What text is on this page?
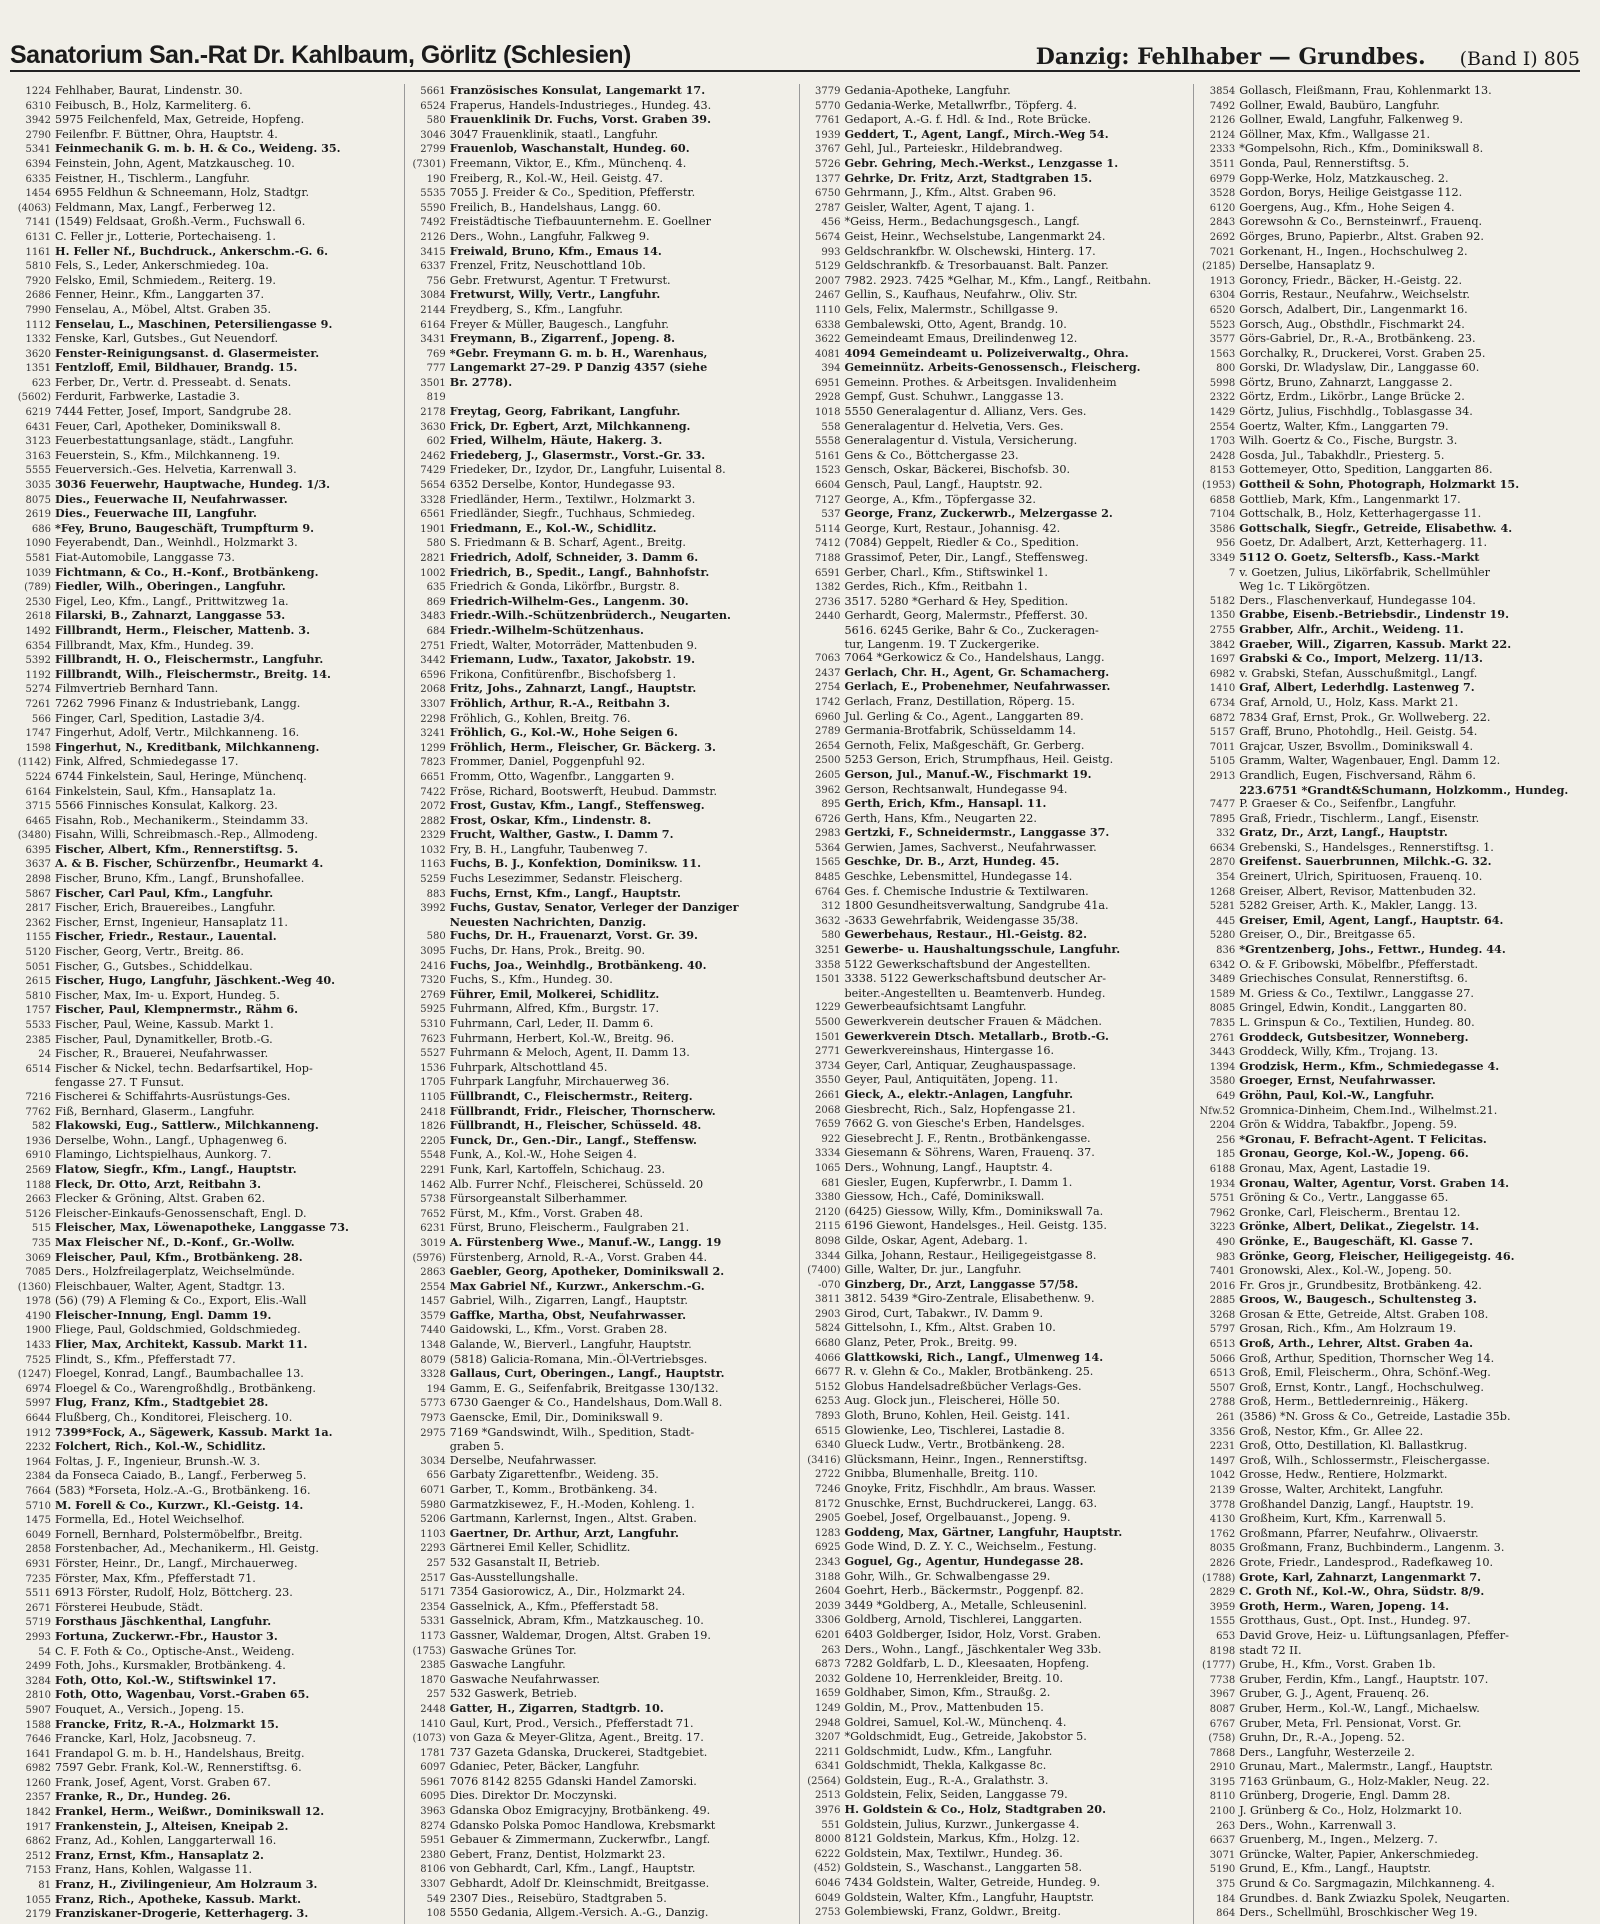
Sanatorium San.-Rat Dr. Kahlbaum, Görlitz (Schlesien)	Danzig: Fehlhaber — Grundbes. (Band I) 805
1224 Fehlhaber, Baurat, Lindenstr. 30.
6310 Feibusch, B., Holz, Karmeliterg. 6.
3942 5975 Feilchenfeld, Max, Getreide, Hopfeng.
2790 Feilenfbr. F. Büttner, Ohra, Hauptstr. 4.
5341 Feinmechanik G. m. b. H. & Co., Weideng. 35.
6394 Feinstein, John, Agent, Matzkauscheg. 10.
6335 Feistner, H., Tischlerm., Langfuhr.
1454 6955 Feldhun & Schneemann, Holz, Stadtgr.
(4063) Feldmann, Max, Langf., Ferberweg 12.
7141 (1549) Feldsaat, Großh.-Verm., Fuchswall 6.
6131 C. Feller jr., Lotterie, Portechaiseng. 1.
1161 H. Feller Nf., Buchdruck., Ankerschm.-G. 6.
5810 Fels, S., Leder, Ankerschmiedeg. 10a.
7920 Felsko, Emil, Schmiedem., Reiterg. 19.
2686 Fenner, Heinr., Kfm., Langgarten 37.
7990 Fenselau, A., Möbel, Altst. Graben 35.
1112 Fenselau, L., Maschinen, Petersiliengasse 9.
1332 Fenske, Karl, Gutsbes., Gut Neuendorf.
3620 Fenster-Reinigungsanst. d. Glasermeister.
1351 Fentzloff, Emil, Bildhauer, Brandg. 15.
623 Ferber, Dr., Vertr. d. Presseabt. d. Senats.
(5602) Ferdurit, Farbwerke, Lastadie 3.
6219 7444 Fetter, Josef, Import, Sandgrube 28.
6431 Feuer, Carl, Apotheker, Dominikswall 8.
3123 Feuerbestattungsanlage, städt., Langfuhr.
3163 Feuerstein, S., Kfm., Milchkanneng. 19.
5555 Feuerversich.-Ges. Helvetia, Karrenwall 3.
3035 3036 Feuerwehr, Hauptwache, Hundeg. 1/3.
8075 Dies., Feuerwache II, Neufahrwasser.
2619 Dies., Feuerwache III, Langfuhr.
686 *Fey, Bruno, Baugeschäft, Trumpfturm 9.
1090 Feyerabendt, Dan., Weinhdl., Holzmarkt 3.
5581 Fiat-Automobile, Langgasse 73.
1039 Fichtmann, & Co., H.-Konf., Brotbänkeng.
(789) Fiedler, Wilh., Oberingen., Langfuhr.
2530 Figel, Leo, Kfm., Langf., Prittwitzweg 1a.
2618 Filarski, B., Zahnarzt, Langgasse 53.
1492 Fillbrandt, Herm., Fleischer, Mattenb. 3.
6354 Fillbrandt, Max, Kfm., Hundeg. 39.
5392 Fillbrandt, H. O., Fleischermstr., Langfuhr.
1192 Fillbrandt, Wilh., Fleischermstr., Breitg. 14.
5274 Filmvertrieb Bernhard Tann.
7261 7262 7996 Finanz & Industriebank, Langg.
566 Finger, Carl, Spedition, Lastadie 3/4.
1747 Fingerhut, Adolf, Vertr., Milchkanneng. 16.
1598 Fingerhut, N., Kreditbank, Milchkanneng.
(1142) Fink, Alfred, Schmiedegasse 17.
5224 6744 Finkelstein, Saul, Heringe, Münchenq.
6164 Finkelstein, Saul, Kfm., Hansaplatz 1a.
3715 5566 Finnisches Konsulat, Kalkorg. 23.
6465 Fisahn, Rob., Mechanikerm., Steindamm 33.
(3480) Fisahn, Willi, Schreibmasch.-Rep., Allmodeng.
6395 Fischer, Albert, Kfm., Rennerstiftsg. 5.
3637 A. & B. Fischer, Schürzenfbr., Heumarkt 4.
2898 Fischer, Bruno, Kfm., Langf., Brunshofallee.
5867 Fischer, Carl Paul, Kfm., Langfuhr.
2817 Fischer, Erich, Brauereibes., Langfuhr.
2362 Fischer, Ernst, Ingenieur, Hansaplatz 11.
1155 Fischer, Friedr., Restaur., Lauental.
5120 Fischer, Georg, Vertr., Breitg. 86.
5051 Fischer, G., Gutsbes., Schiddelkau.
2615 Fischer, Hugo, Langfuhr, Jäschkent.-Weg 40.
5810 Fischer, Max, Im- u. Export, Hundeg. 5.
1757 Fischer, Paul, Klempnermstr., Rähm 6.
5533 Fischer, Paul, Weine, Kassub. Markt 1.
2385 Fischer, Paul, Dynamitkeller, Brotb.-G.
24 Fischer, R., Brauerei, Neufahrwasser.
6514 Fischer & Nickel, techn. Bedarfsartikel, Hop-
fengasse 27. T Funsut.
7216 Fischerei & Schiffahrts-Ausrüstungs-Ges.
7762 Fiß, Bernhard, Glaserm., Langfuhr.
582 Flakowski, Eug., Sattlerw., Milchkanneng.
1936 Derselbe, Wohn., Langf., Uphagenweg 6.
6910 Flamingo, Lichtspielhaus, Aunkorg. 7.
2569 Flatow, Siegfr., Kfm., Langf., Hauptstr.
1188 Fleck, Dr. Otto, Arzt, Reitbahn 3.
2663 Flecker & Gröning, Altst. Graben 62.
5126 Fleischer-Einkaufs-Genossenschaft, Engl. D.
515 Fleischer, Max, Löwenapotheke, Langgasse 73.
735 Max Fleischer Nf., D.-Konf., Gr.-Wollw.
3069 Fleischer, Paul, Kfm., Brotbänkeng. 28.
7085 Ders., Holzfreilagerplatz, Weichselmünde.
(1360) Fleischbauer, Walter, Agent, Stadtgr. 13.
1978 (56) (79) A Fleming & Co., Export, Elis.-Wall
4190 Fleischer-Innung, Engl. Damm 19.
1900 Fliege, Paul, Goldschmied, Goldschmiedeg.
1433 Flier, Max, Architekt, Kassub. Markt 11.
7525 Flindt, S., Kfm., Pfefferstadt 77.
(1247) Floegel, Konrad, Langf., Baumbachallee 13.
6974 Floegel & Co., Warengroßhdlg., Brotbänkeng.
5997 Flug, Franz, Kfm., Stadtgebiet 28.
6644 Flußberg, Ch., Konditorei, Fleischerg. 10.
1912 7399*Fock, A., Sägewerk, Kassub. Markt 1a.
2232 Folchert, Rich., Kol.-W., Schidlitz.
1964 Foltas, J. F., Ingenieur, Brunsh.-W. 3.
2384 da Fonseca Caiado, B., Langf., Ferberweg 5.
7664 (583) *Forseta, Holz.-A.-G., Brotbänkeng. 16.
5710 M. Forell & Co., Kurzwr., Kl.-Geistg. 14.
1475 Formella, Ed., Hotel Weichselhof.
6049 Fornell, Bernhard, Polstermöbelfbr., Breitg.
2858 Forstenbacher, Ad., Mechanikerm., Hl. Geistg.
6931 Förster, Heinr., Dr., Langf., Mirchauerweg.
7235 Förster, Max, Kfm., Pfefferstadt 71.
5511 6913 Förster, Rudolf, Holz, Böttcherg. 23.
2671 Försterei Heubude, Städt.
5719 Forsthaus Jäschkenthal, Langfuhr.
2993 Fortuna, Zuckerwr.-Fbr., Haustor 3.
54 C. F. Foth & Co., Optische-Anst., Weideng.
2499 Foth, Johs., Kursmakler, Brotbänkeng. 4.
3284 Foth, Otto, Kol.-W., Stiftswinkel 17.
2810 Foth, Otto, Wagenbau, Vorst.-Graben 65.
5907 Fouquet, A., Versich., Jopeng. 15.
1588 Francke, Fritz, R.-A., Holzmarkt 15.
7646 Francke, Karl, Holz, Jacobsneug. 7.
1641 Frandapol G. m. b. H., Handelshaus, Breitg.
6982 7597 Gebr. Frank, Kol.-W., Rennerstiftsg. 6.
1260 Frank, Josef, Agent, Vorst. Graben 67.
2357 Franke, R., Dr., Hundeg. 26.
1842 Frankel, Herm., Weißwr., Dominikswall 12.
1917 Frankenstein, J., Alteisen, Kneipab 2.
6862 Franz, Ad., Kohlen, Langgarterwall 16.
2512 Franz, Ernst, Kfm., Hansaplatz 2.
7153 Franz, Hans, Kohlen, Walgasse 11.
81 Franz, H., Zivilingenieur, Am Holzraum 3.
1055 Franz, Rich., Apotheke, Kassub. Markt.
2179 Franziskaner-Drogerie, Ketterhagerg. 3.
5661 Französisches Konsulat, Langemarkt 17.
6524 Fraperus, Handels-Industrieges., Hundeg. 43.
580 Frauenklinik Dr. Fuchs, Vorst. Graben 39.
3046 3047 Frauenklinik, staatl., Langfuhr.
2799 Frauenlob, Waschanstalt, Hundeg. 60.
(7301) Freemann, Viktor, E., Kfm., Münchenq. 4.
190 Freiberg, R., Kol.-W., Heil. Geistg. 47.
5535 7055 J. Freider & Co., Spedition, Pfefferstr.
5590 Freilich, B., Handelshaus, Langg. 60.
7492 Freistädtische Tiefbauunternehm. E. Goellner
2126 Ders., Wohn., Langfuhr, Falkweg 9.
3415 Freiwald, Bruno, Kfm., Emaus 14.
6337 Frenzel, Fritz, Neuschottland 10b.
756 Gebr. Fretwurst, Agentur. T Fretwurst.
3084 Fretwurst, Willy, Vertr., Langfuhr.
2144 Freydberg, S., Kfm., Langfuhr.
6164 Freyer & Müller, Baugesch., Langfuhr.
3431 Freymann, B., Zigarrenf., Jopeng. 8.
769 *Gebr. Freymann G. m. b. H., Warenhaus,
777 Langemarkt 27–29. P Danzig 4357 (siehe
3501 Br. 2778).
819
2178 Freytag, Georg, Fabrikant, Langfuhr.
3630 Frick, Dr. Egbert, Arzt, Milchkanneng.
602 Fried, Wilhelm, Häute, Hakerg. 3.
2462 Friedeberg, J., Glasermstr., Vorst.-Gr. 33.
7429 Friedeker, Dr., Izydor, Dr., Langfuhr, Luisental 8.
5654 6352 Derselbe, Kontor, Hundegasse 93.
3328 Friedländer, Herm., Textilwr., Holzmarkt 3.
6561 Friedländer, Siegfr., Tuchhaus, Schmiedeg.
1901 Friedmann, E., Kol.-W., Schidlitz.
580 S. Friedmann & B. Scharf, Agent., Breitg.
2821 Friedrich, Adolf, Schneider, 3. Damm 6.
1002 Friedrich, B., Spedit., Langf., Bahnhofstr.
635 Friedrich & Gonda, Likörfbr., Burgstr. 8.
869 Friedrich-Wilhelm-Ges., Langenm. 30.
3483 Friedr.-Wilh.-Schützenbrüderch., Neugarten.
684 Friedr.-Wilhelm-Schützenhaus.
2751 Friedt, Walter, Motorräder, Mattenbuden 9.
3442 Friemann, Ludw., Taxator, Jakobstr. 19.
6596 Frikona, Confitürenfbr., Bischofsberg 1.
2068 Fritz, Johs., Zahnarzt, Langf., Hauptstr.
3307 Fröhlich, Arthur, R.-A., Reitbahn 3.
2298 Fröhlich, G., Kohlen, Breitg. 76.
3241 Fröhlich, G., Kol.-W., Hohe Seigen 6.
1299 Fröhlich, Herm., Fleischer, Gr. Bäckerg. 3.
7823 Frommer, Daniel, Poggenpfuhl 92.
6651 Fromm, Otto, Wagenfbr., Langgarten 9.
7422 Fröse, Richard, Bootswerft, Heubud. Dammstr.
2072 Frost, Gustav, Kfm., Langf., Steffensweg.
2882 Frost, Oskar, Kfm., Lindenstr. 8.
2329 Frucht, Walther, Gastw., I. Damm 7.
1032 Fry, B. H., Langfuhr, Taubenweg 7.
1163 Fuchs, B. J., Konfektion, Dominiksw. 11.
5259 Fuchs Lesezimmer, Sedanstr. Fleischerg.
883 Fuchs, Ernst, Kfm., Langf., Hauptstr.
3992 Fuchs, Gustav, Senator, Verleger der Danziger
Neuesten Nachrichten, Danzig.
580 Fuchs, Dr. H., Frauenarzt, Vorst. Gr. 39.
3095 Fuchs, Dr. Hans, Prok., Breitg. 90.
2416 Fuchs, Joa., Weinhdlg., Brotbänkeng. 40.
7320 Fuchs, S., Kfm., Hundeg. 30.
2769 Führer, Emil, Molkerei, Schidlitz.
5925 Fuhrmann, Alfred, Kfm., Burgstr. 17.
5310 Fuhrmann, Carl, Leder, II. Damm 6.
7623 Fuhrmann, Herbert, Kol.-W., Breitg. 96.
5527 Fuhrmann & Meloch, Agent, II. Damm 13.
1536 Fuhrpark, Altschottland 45.
1705 Fuhrpark Langfuhr, Mirchauerweg 36.
1105 Füllbrandt, C., Fleischermstr., Reiterg.
2418 Füllbrandt, Fridr., Fleischer, Thornscherw.
1826 Füllbrandt, H., Fleischer, Schüsseld. 48.
2205 Funck, Dr., Gen.-Dir., Langf., Steffensw.
5548 Funk, A., Kol.-W., Hohe Seigen 4.
2291 Funk, Karl, Kartoffeln, Schichaug. 23.
1462 Alb. Furrer Nchf., Fleischerei, Schüsseld. 20
5738 Fürsorgeanstalt Silberhammer.
7652 Fürst, M., Kfm., Vorst. Graben 48.
6231 Fürst, Bruno, Fleischerm., Faulgraben 21.
3019 A. Fürstenberg Wwe., Manuf.-W., Langg. 19
(5976) Fürstenberg, Arnold, R.-A., Vorst. Graben 44.
2863 Gaebler, Georg, Apotheker, Dominikswall 2.
2554 Max Gabriel Nf., Kurzwr., Ankerschm.-G.
1457 Gabriel, Wilh., Zigarren, Langf., Hauptstr.
3579 Gaffke, Martha, Obst, Neufahrwasser.
7440 Gaidowski, L., Kfm., Vorst. Graben 28.
1348 Galande, W., Bierverl., Langfuhr, Hauptstr.
8079 (5818) Galicia-Romana, Min.-Öl-Vertriebsges.
3328 Gallaus, Curt, Oberingen., Langf., Hauptstr.
194 Gamm, E. G., Seifenfabrik, Breitgasse 130/132.
5773 6730 Gaenger & Co., Handelshaus, Dom.Wall 8.
7973 Gaenscke, Emil, Dir., Dominikswall 9.
2975 7169 *Gandswindt, Wilh., Spedition, Stadt-
graben 5.
3034 Derselbe, Neufahrwasser.
656 Garbaty Zigarettenfbr., Weideng. 35.
6071 Garber, T., Komm., Brotbänkeng. 34.
5980 Garmatzkisewez, F., H.-Moden, Kohleng. 1.
5206 Gartmann, Karlernst, Ingen., Altst. Graben.
1103 Gaertner, Dr. Arthur, Arzt, Langfuhr.
2293 Gärtnerei Emil Keller, Schidlitz.
257 532 Gasanstalt II, Betrieb.
2517 Gas-Ausstellungshalle.
5171 7354 Gasiorowicz, A., Dir., Holzmarkt 24.
2354 Gasselnick, A., Kfm., Pfefferstadt 58.
5331 Gasselnick, Abram, Kfm., Matzkauscheg. 10.
1173 Gassner, Waldemar, Drogen, Altst. Graben 19.
(1753) Gaswache Grünes Tor.
2385 Gaswache Langfuhr.
1870 Gaswache Neufahrwasser.
257 532 Gaswerk, Betrieb.
2448 Gatter, H., Zigarren, Stadtgrb. 10.
1410 Gaul, Kurt, Prod., Versich., Pfefferstadt 71.
(1073) von Gaza & Meyer-Glitza, Agent., Breitg. 17.
1781 737 Gazeta Gdanska, Druckerei, Stadtgebiet.
6097 Gdaniec, Peter, Bäcker, Langfuhr.
5961 7076 8142 8255 Gdanski Handel Zamorski.
6095 Dies. Direktor Dr. Moczynski.
3963 Gdanska Oboz Emigracyjny, Brotbänkeng. 49.
8274 Gdansko Polska Pomoc Handlowa, Krebsmarkt
5951 Gebauer & Zimmermann, Zuckerwfbr., Langf.
2380 Gebert, Franz, Dentist, Holzmarkt 23.
8106 von Gebhardt, Carl, Kfm., Langf., Hauptstr.
3307 Gebhardt, Adolf Dr. Kleinschmidt, Breitgasse.
549 2307 Dies., Reisebüro, Stadtgraben 5.
108 5550 Gedania, Allgem.-Versich. A.-G., Danzig.
3779 Gedania-Apotheke, Langfuhr.
5770 Gedania-Werke, Metallwrfbr., Töpferg. 4.
7761 Gedaport, A.-G. f. Hdl. & Ind., Rote Brücke.
1939 Geddert, T., Agent, Langf., Mirch.-Weg 54.
3767 Gehl, Jul., Parteieskr., Hildebrandweg.
5726 Gebr. Gehring, Mech.-Werkst., Lenzgasse 1.
1377 Gehrke, Dr. Fritz, Arzt, Stadtgraben 15.
6750 Gehrmann, J., Kfm., Altst. Graben 96.
2787 Geisler, Walter, Agent, T ajang. 1.
456 *Geiss, Herm., Bedachungsgesch., Langf.
5674 Geist, Heinr., Wechselstube, Langenmarkt 24.
993 Geldschrankfbr. W. Olschewski, Hinterg. 17.
5129 Geldschrankfb. & Tresorbauanst. Balt. Panzer.
2007 7982. 2923. 7425 *Gelhar, M., Kfm., Langf., Reitbahn.
2467 Gellin, S., Kaufhaus, Neufahrw., Oliv. Str.
1110 Gels, Felix, Malermstr., Schillgasse 9.
6338 Gembalewski, Otto, Agent, Brandg. 10.
3622 Gemeindeamt Emaus, Dreilindenweg 12.
4081 4094 Gemeindeamt u. Polizeiverwaltg., Ohra.
394 Gemeinnütz. Arbeits-Genossensch., Fleischerg.
6951 Gemeinn. Prothes. & Arbeitsgen. Invalidenheim
2928 Gempf, Gust. Schuhwr., Langgasse 13.
1018 5550 Generalagentur d. Allianz, Vers. Ges.
558 Generalagentur d. Helvetia, Vers. Ges.
5558 Generalagentur d. Vistula, Versicherung.
5161 Gens & Co., Böttchergasse 23.
1523 Gensch, Oskar, Bäckerei, Bischofsb. 30.
6604 Gensch, Paul, Langf., Hauptstr. 92.
7127 George, A., Kfm., Töpfergasse 32.
537 George, Franz, Zuckerwrb., Melzergasse 2.
5114 George, Kurt, Restaur., Johannisg. 42.
7412 (7084) Geppelt, Riedler & Co., Spedition.
7188 Grassimof, Peter, Dir., Langf., Steffensweg.
6591 Gerber, Charl., Kfm., Stiftswinkel 1.
1382 Gerdes, Rich., Kfm., Reitbahn 1.
2736 3517. 5280 *Gerhard & Hey, Spedition.
2440 Gerhardt, Georg, Malermstr., Pfefferst. 30.
5616. 6245 Gerike, Bahr & Co., Zuckeragen-
tur, Langenm. 19. T Zuckergerike.
7063 7064 *Gerkowicz & Co., Handelshaus, Langg.
2437 Gerlach, Chr. H., Agent, Gr. Schamacherg.
2754 Gerlach, E., Probenehmer, Neufahrwasser.
1742 Gerlach, Franz, Destillation, Röperg. 15.
6960 Jul. Gerling & Co., Agent., Langgarten 89.
2789 Germania-Brotfabrik, Schüsseldamm 14.
2654 Gernoth, Felix, Maßgeschäft, Gr. Gerberg.
2500 5253 Gerson, Erich, Strumpfhaus, Heil. Geistg.
2605 Gerson, Jul., Manuf.-W., Fischmarkt 19.
3962 Gerson, Rechtsanwalt, Hundegasse 94.
895 Gerth, Erich, Kfm., Hansapl. 11.
6726 Gerth, Hans, Kfm., Neugarten 22.
2983 Gertzki, F., Schneidermstr., Langgasse 37.
5364 Gerwien, James, Sachverst., Neufahrwasser.
1565 Geschke, Dr. B., Arzt, Hundeg. 45.
8485 Geschke, Lebensmittel, Hundegasse 14.
6764 Ges. f. Chemische Industrie & Textilwaren.
312 1800 Gesundheitsverwaltung, Sandgrube 41a.
3632 -3633 Gewehrfabrik, Weidengasse 35/38.
580 Gewerbehaus, Restaur., Hl.-Geistg. 82.
3251 Gewerbe- u. Haushaltungsschule, Langfuhr.
3358 5122 Gewerkschaftsbund der Angestellten.
1501 3338. 5122 Gewerkschaftsbund deutscher Ar-
beiter.-Angestellten u. Beamtenverb. Hundeg.
1229 Gewerbeaufsichtsamt Langfuhr.
5500 Gewerkverein deutscher Frauen & Mädchen.
1501 Gewerkverein Dtsch. Metallarb., Brotb.-G.
2771 Gewerkvereinshaus, Hintergasse 16.
3734 Geyer, Carl, Antiquar, Zeughauspassage.
3550 Geyer, Paul, Antiquitäten, Jopeng. 11.
2661 Gieck, A., elektr.-Anlagen, Langfuhr.
2068 Giesbrecht, Rich., Salz, Hopfengasse 21.
7659 7662 G. von Giesche's Erben, Handelsges.
922 Giesebrecht J. F., Rentn., Brotbänkengasse.
3334 Giesemann & Söhrens, Waren, Frauenq. 37.
1065 Ders., Wohnung, Langf., Hauptstr. 4.
681 Giesler, Eugen, Kupferwrbr., I. Damm 1.
3380 Giessow, Hch., Café, Dominikswall.
2120 (6425) Giessow, Willy, Kfm., Dominikswall 7a.
2115 6196 Giewont, Handelsges., Heil. Geistg. 135.
8098 Gilde, Oskar, Agent, Adebarg. 1.
3344 Gilka, Johann, Restaur., Heiligegeistgasse 8.
(7400) Gille, Walter, Dr. jur., Langfuhr.
-070 Ginzberg, Dr., Arzt, Langgasse 57/58.
3811 3812. 5439 *Giro-Zentrale, Elisabethenw. 9.
2903 Girod, Curt, Tabakwr., IV. Damm 9.
5824 Gittelsohn, I., Kfm., Altst. Graben 10.
6680 Glanz, Peter, Prok., Breitg. 99.
4066 Glattkowski, Rich., Langf., Ulmenweg 14.
6677 R. v. Glehn & Co., Makler, Brotbänkeng. 25.
5152 Globus Handelsadreßbücher Verlags-Ges.
6253 Aug. Glock jun., Fleischerei, Hölle 50.
7893 Gloth, Bruno, Kohlen, Heil. Geistg. 141.
6515 Glowienke, Leo, Tischlerei, Lastadie 8.
6340 Glueck Ludw., Vertr., Brotbänkeng. 28.
(3416) Glücksmann, Heinr., Ingen., Rennerstiftsg.
2722 Gnibba, Blumenhalle, Breitg. 110.
7246 Gnoyke, Fritz, Fischhdlr., Am braus. Wasser.
8172 Gnuschke, Ernst, Buchdruckerei, Langg. 63.
2905 Goebel, Josef, Orgelbauanst., Jopeng. 9.
1283 Goddeng, Max, Gärtner, Langfuhr, Hauptstr.
6925 Gode Wind, D. Z. Y. C., Weichselm., Festung.
2343 Goguel, Gg., Agentur, Hundegasse 28.
3188 Gohr, Wilh., Gr. Schwalbengasse 29.
2604 Goehrt, Herb., Bäckermstr., Poggenpf. 82.
2039 3449 *Goldberg, A., Metalle, Schleuseninl.
3306 Goldberg, Arnold, Tischlerei, Langgarten.
6201 6403 Goldberger, Isidor, Holz, Vorst. Graben.
263 Ders., Wohn., Langf., Jäschkentaler Weg 33b.
6873 7282 Goldfarb, L. D., Kleesaaten, Hopfeng.
2032 Goldene 10, Herrenkleider, Breitg. 10.
1659 Goldhaber, Simon, Kfm., Straußg. 2.
1249 Goldin, M., Prov., Mattenbuden 15.
2948 Goldrei, Samuel, Kol.-W., Münchenq. 4.
3207 *Goldschmidt, Eug., Getreide, Jakobstor 5.
2211 Goldschmidt, Ludw., Kfm., Langfuhr.
6341 Goldschmidt, Thekla, Kalkgasse 8c.
(2564) Goldstein, Eug., R.-A., Gralathstr. 3.
2513 Goldstein, Felix, Seiden, Langgasse 79.
3976 H. Goldstein & Co., Holz, Stadtgraben 20.
551 Goldstein, Julius, Kurzwr., Junkergasse 4.
8000 8121 Goldstein, Markus, Kfm., Holzg. 12.
6222 Goldstein, Max, Textilwr., Hundeg. 36.
(452) Goldstein, S., Waschanst., Langgarten 58.
6046 7434 Goldstein, Walter, Getreide, Hundeg. 9.
6049 Goldstein, Walter, Kfm., Langfuhr, Hauptstr.
2753 Golembiewski, Franz, Goldwr., Breitg.
3854 Gollasch, Fleißmann, Frau, Kohlenmarkt 13.
7492 Gollner, Ewald, Baubüro, Langfuhr.
2126 Gollner, Ewald, Langfuhr, Falkenweg 9.
2124 Göllner, Max, Kfm., Wallgasse 21.
2333 *Gompelsohn, Rich., Kfm., Dominikswall 8.
3511 Gonda, Paul, Rennerstiftsg. 5.
6979 Gopp-Werke, Holz, Matzkauscheg. 2.
3528 Gordon, Borys, Heilige Geistgasse 112.
6120 Goergens, Aug., Kfm., Hohe Seigen 4.
2843 Gorewsohn & Co., Bernsteinwrf., Frauenq.
2692 Görges, Bruno, Papierbr., Altst. Graben 92.
7021 Gorkenant, H., Ingen., Hochschulweg 2.
(2185) Derselbe, Hansaplatz 9.
1913 Goroncy, Friedr., Bäcker, H.-Geistg. 22.
6304 Gorris, Restaur., Neufahrw., Weichselstr.
6520 Gorsch, Adalbert, Dir., Langenmarkt 16.
5523 Gorsch, Aug., Obsthdlr., Fischmarkt 24.
3577 Görs-Gabriel, Dr., R.-A., Brotbänkeng. 23.
1563 Gorchalky, R., Druckerei, Vorst. Graben 25.
800 Gorski, Dr. Wladyslaw, Dir., Langgasse 60.
5998 Görtz, Bruno, Zahnarzt, Langgasse 2.
2322 Görtz, Erdm., Likörbr., Lange Brücke 2.
1429 Görtz, Julius, Fischhdlg., Toblasgasse 34.
2554 Goertz, Walter, Kfm., Langgarten 79.
1703 Wilh. Goertz & Co., Fische, Burgstr. 3.
2428 Gosda, Jul., Tabakhdlr., Priesterg. 5.
8153 Gottemeyer, Otto, Spedition, Langgarten 86.
(1953) Gottheil & Sohn, Photograph, Holzmarkt 15.
6858 Gottlieb, Mark, Kfm., Langenmarkt 17.
7104 Gottschalk, B., Holz, Ketterhagergasse 11.
3586 Gottschalk, Siegfr., Getreide, Elisabethw. 4.
956 Goetz, Dr. Adalbert, Arzt, Ketterhagerg. 11.
3349 5112 O. Goetz, Seltersfb., Kass.-Markt
7 v. Goetzen, Julius, Likörfabrik, Schellmühler
Weg 1c. T Likörgötzen.
5182 Ders., Flaschenverkauf, Hundegasse 104.
1350 Grabbe, Eisenb.-Betriebsdir., Lindenstr 19.
2755 Grabber, Alfr., Archit., Weideng. 11.
3842 Graeber, Will., Zigarren, Kassub. Markt 22.
1697 Grabski & Co., Import, Melzerg. 11/13.
6982 v. Grabski, Stefan, Ausschußmitgl., Langf.
1410 Graf, Albert, Lederhdlg. Lastenweg 7.
6734 Graf, Arnold, U., Holz, Kass. Markt 21.
6872 7834 Graf, Ernst, Prok., Gr. Wollweberg. 22.
5157 Graff, Bruno, Photohdlg., Heil. Geistg. 54.
7011 Grajcar, Uszer, Bsvollm., Dominikswall 4.
5105 Gramm, Walter, Wagenbauer, Engl. Damm 12.
2913 Grandlich, Eugen, Fischversand, Rähm 6.
223.6751 *Grandt&Schumann, Holzkomm., Hundeg.
7477 P. Graeser & Co., Seifenfbr., Langfuhr.
7895 Graß, Friedr., Tischlerm., Langf., Eisenstr.
332 Gratz, Dr., Arzt, Langf., Hauptstr.
6634 Grebenski, S., Handelsges., Rennerstiftsg. 1.
2870 Greifenst. Sauerbrunnen, Milchk.-G. 32.
354 Greinert, Ulrich, Spirituosen, Frauenq. 10.
1268 Greiser, Albert, Revisor, Mattenbuden 32.
5281 5282 Greiser, Arth. K., Makler, Langg. 13.
445 Greiser, Emil, Agent, Langf., Hauptstr. 64.
5280 Greiser, O., Dir., Breitgasse 65.
836 *Grentzenberg, Johs., Fettwr., Hundeg. 44.
6342 O. & F. Gribowski, Möbelfbr., Pfefferstadt.
3489 Griechisches Consulat, Rennerstiftsg. 6.
1589 M. Griess & Co., Textilwr., Langgasse 27.
8085 Gringel, Edwin, Kondit., Langgarten 80.
7835 L. Grinspun & Co., Textilien, Hundeg. 80.
2761 Groddeck, Gutsbesitzer, Wonneberg.
3443 Groddeck, Willy, Kfm., Trojang. 13.
1394 Grodzisk, Herm., Kfm., Schmiedegasse 4.
3580 Groeger, Ernst, Neufahrwasser.
649 Gröhn, Paul, Kol.-W., Langfuhr.
Nfw.52 Gromnica-Dinheim, Chem.Ind., Wilhelmst.21.
2204 Grön & Widdra, Tabakfbr., Jopeng. 59.
256 *Gronau, F. Befracht-Agent. T Felicitas.
185 Gronau, George, Kol.-W., Jopeng. 66.
6188 Gronau, Max, Agent, Lastadie 19.
1934 Gronau, Walter, Agentur, Vorst. Graben 14.
5751 Gröning & Co., Vertr., Langgasse 65.
7962 Gronke, Carl, Fleischerm., Brentau 12.
3223 Grönke, Albert, Delikat., Ziegelstr. 14.
490 Grönke, E., Baugeschäft, Kl. Gasse 7.
983 Grönke, Georg, Fleischer, Heiligegeistg. 46.
7401 Gronowski, Alex., Kol.-W., Jopeng. 50.
2016 Fr. Gros jr., Grundbesitz, Brotbänkeng. 42.
2885 Groos, W., Baugesch., Schultensteg 3.
3268 Grosan & Ette, Getreide, Altst. Graben 108.
5797 Grosan, Rich., Kfm., Am Holzraum 19.
6513 Groß, Arth., Lehrer, Altst. Graben 4a.
5066 Groß, Arthur, Spedition, Thornscher Weg 14.
6513 Groß, Emil, Fleischerm., Ohra, Schönf.-Weg.
5507 Groß, Ernst, Kontr., Langf., Hochschulweg.
2788 Groß, Herm., Bettledernreinig., Häkerg.
261 (3586) *N. Gross & Co., Getreide, Lastadie 35b.
3356 Groß, Nestor, Kfm., Gr. Allee 22.
2231 Groß, Otto, Destillation, Kl. Ballastkrug.
1497 Groß, Wilh., Schlossermstr., Fleischergasse.
1042 Grosse, Hedw., Rentiere, Holzmarkt.
2139 Grosse, Walter, Architekt, Langfuhr.
3778 Großhandel Danzig, Langf., Hauptstr. 19.
4130 Großheim, Kurt, Kfm., Karrenwall 5.
1762 Großmann, Pfarrer, Neufahrw., Olivaerstr.
8035 Großmann, Franz, Buchbinderm., Langenm. 3.
2826 Grote, Friedr., Landesprod., Radefkaweg 10.
(1788) Grote, Karl, Zahnarzt, Langenmarkt 7.
2829 C. Groth Nf., Kol.-W., Ohra, Südstr. 8/9.
3959 Groth, Herm., Waren, Jopeng. 14.
1555 Grotthaus, Gust., Opt. Inst., Hundeg. 97.
653 David Grove, Heiz- u. Lüftungsanlagen, Pfeffer-
8198 stadt 72 II.
(1777) Grube, H., Kfm., Vorst. Graben 1b.
7738 Gruber, Ferdin, Kfm., Langf., Hauptstr. 107.
3967 Gruber, G. J., Agent, Frauenq. 26.
8087 Gruber, Herm., Kol.-W., Langf., Michaelsw.
6767 Gruber, Meta, Frl. Pensionat, Vorst. Gr.
(758) Gruhn, Dr., R.-A., Jopeng. 52.
7868 Ders., Langfuhr, Westerzeile 2.
2910 Grunau, Mart., Malermstr., Langf., Hauptstr.
3195 7163 Grünbaum, G., Holz-Makler, Neug. 22.
8110 Grünberg, Drogerie, Engl. Damm 28.
2100 J. Grünberg & Co., Holz, Holzmarkt 10.
263 Ders., Wohn., Karrenwall 3.
6637 Gruenberg, M., Ingen., Melzerg. 7.
3071 Grüncke, Walter, Papier, Ankerschmiedeg.
5190 Grund, E., Kfm., Langf., Hauptstr.
375 Grund & Co. Sargmagazin, Milchkanneng. 4.
184 Grundbes. d. Bank Zwiazku Spolek, Neugarten.
864 Ders., Schellmühl, Broschkischer Weg 19.
